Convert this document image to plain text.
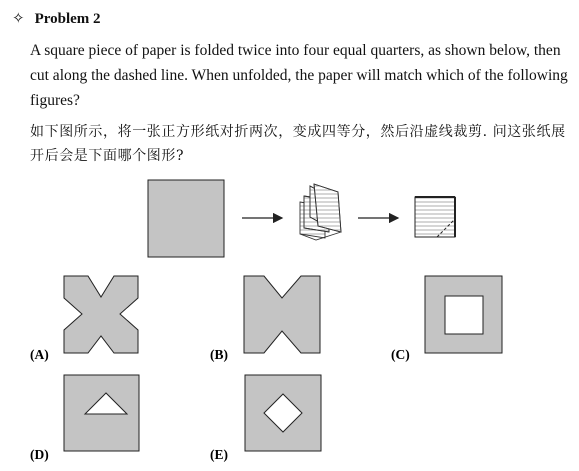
✧ Problem 2
A square piece of paper is folded twice into four equal quarters, as shown below, then cut along the dashed line. When unfolded, the paper will match which of the following figures?
如下图所示，将一张正方形纸对折两次，变成四等分，然后沿虚线裁剪. 问这张纸展开后会是下面哪个图形?
(A)	(B)	(C)
(D)	(E)
